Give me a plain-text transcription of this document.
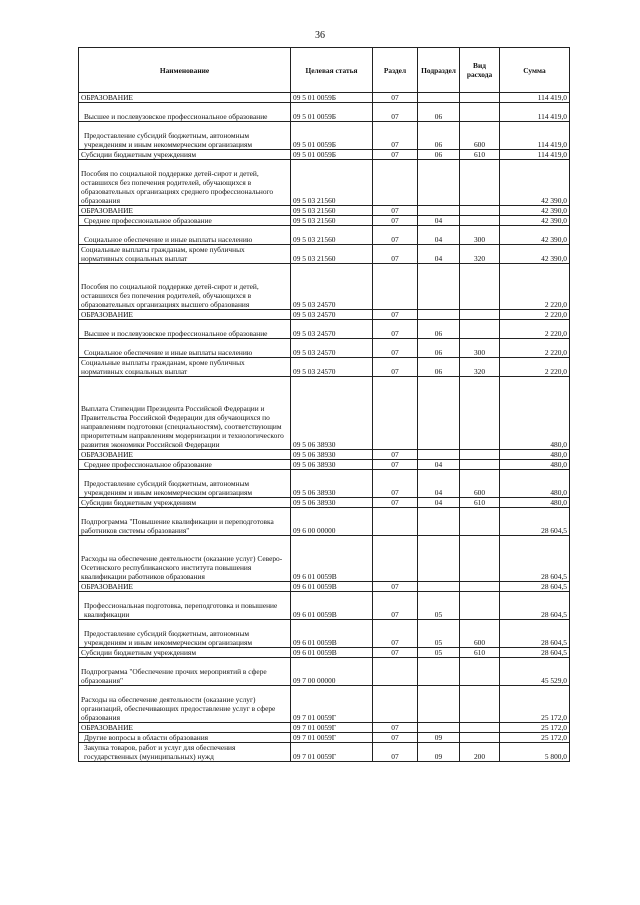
36
Наименование	Целевая статья	Раздел	Подраздел	Вид расхода	Сумма
ОБРАЗОВАНИЕ	09 5 01 0059Б	07			114 419,0
Высшее и послевузовское профессиональное образование	09 5 01 0059Б	07	06		114 419,0
Предоставление субсидий бюджетным, автономным учреждениям и иным некоммерческим организациям	09 5 01 0059Б	07	06	600	114 419,0
Субсидии бюджетным учреждениям	09 5 01 0059Б	07	06	610	114 419,0
Пособия по социальной поддержке детей-сирот и детей, оставшихся без попечения родителей, обучающихся в образовательных организациях среднего профессионального образования	09 5 03 21560				42 390,0
ОБРАЗОВАНИЕ	09 5 03 21560	07			42 390,0
Среднее профессиональное образование	09 5 03 21560	07	04		42 390,0
Социальное обеспечение и иные выплаты населению	09 5 03 21560	07	04	300	42 390,0
Социальные выплаты гражданам, кроме публичных нормативных социальных выплат	09 5 03 21560	07	04	320	42 390,0
Пособия по социальной поддержке детей-сирот и детей, оставшихся без попечения родителей, обучающихся в образовательных организациях высшего образования	09 5 03 24570				2 220,0
ОБРАЗОВАНИЕ	09 5 03 24570	07			2 220,0
Высшее и послевузовское профессиональное образование	09 5 03 24570	07	06		2 220,0
Социальное обеспечение и иные выплаты населению	09 5 03 24570	07	06	300	2 220,0
Социальные выплаты гражданам, кроме публичных нормативных социальных выплат	09 5 03 24570	07	06	320	2 220,0
Выплата Стипендии Президента Российской Федерации и Правительства Российской Федерации для обучающихся по направлениям подготовки (специальностям), соответствующим приоритетным направлениям модернизации и технологического развития экономики Российской Федерации	09 5 06 38930				480,0
ОБРАЗОВАНИЕ	09 5 06 38930	07			480,0
Среднее профессиональное образование	09 5 06 38930	07	04		480,0
Предоставление субсидий бюджетным, автономным учреждениям и иным некоммерческим организациям	09 5 06 38930	07	04	600	480,0
Субсидии бюджетным учреждениям	09 5 06 38930	07	04	610	480,0
Подпрограмма "Повышение квалификации и переподготовка работников системы образования"	09 6 00 00000				28 604,5
Расходы на обеспечение деятельности (оказание услуг) Северо-Осетинского республиканского института повышения квалификации работников образования	09 6 01 0059В				28 604,5
ОБРАЗОВАНИЕ	09 6 01 0059В	07			28 604,5
Профессиональная подготовка, переподготовка и повышение квалификации	09 6 01 0059В	07	05		28 604,5
Предоставление субсидий бюджетным, автономным учреждениям и иным некоммерческим организациям	09 6 01 0059В	07	05	600	28 604,5
Субсидии бюджетным учреждениям	09 6 01 0059В	07	05	610	28 604,5
Подпрограмма "Обеспечение прочих мероприятий в сфере образования"	09 7 00 00000				45 529,0
Расходы на обеспечение деятельности (оказание услуг) организаций, обеспечивающих предоставление услуг в сфере образования	09 7 01 0059Г				25 172,0
ОБРАЗОВАНИЕ	09 7 01 0059Г	07			25 172,0
Другие вопросы в области образования	09 7 01 0059Г	07	09		25 172,0
Закупка товаров, работ и услуг для обеспечения государственных (муниципальных) нужд	09 7 01 0059Г	07	09	200	5 800,0
